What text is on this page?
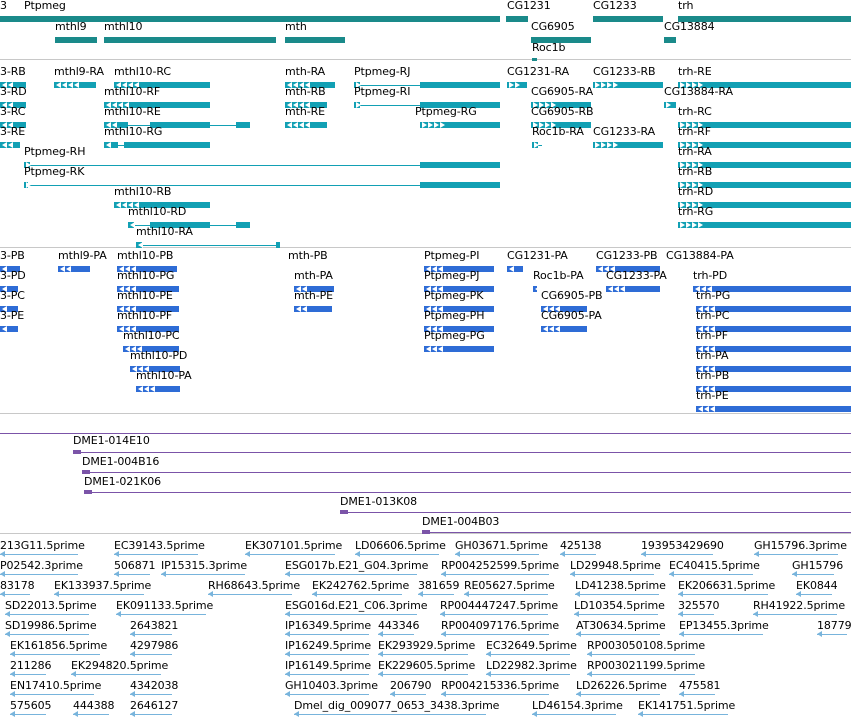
3 Ptpmeg	CG1231	CG1233	trh
mthl9 mthl10	mth	CG6905	CG13884
Roc1b
3-RB	mthl9-RA mthl10-RC	mth-RA	Ptpmeg-RJ	CG1231-RA CG1233-RB trh-RE
3-RD	mthl10-RF	mth-RB	Ptpmeg-RI	CG6905-RA	CG13884-RA
3-RC	mthl10-RE	mth-RE	Ptpmeg-RG	CG6905-RB	trh-RC
3-RE	mthl10-RG	Roc1b-RA CG1233-RA trh-RF
Ptpmeg-RH	trh-RA
Ptpmeg-RK	trh-RB
mthl10-RB	trh-RD
mthl10-RD	trh-RG
mthl10-RA
3-PB	mthl9-PA mthl10-PB	mth-PB	Ptpmeg-PI	CG1231-PA	CG1233-PB CG13884-PA
3-PD	mthl10-PG	mth-PA	Ptpmeg-PJ	Roc1b-PA CG1233-PA trh-PD
3-PC	mthl10-PE	mth-PE	Ptpmeg-PK	CG6905-PB	trh-PG
3-PE	mthl10-PF	Ptpmeg-PH	CG6905-PA	trh-PC
mthl10-PC	Ptpmeg-PG	trh-PF
mthl10-PD	trh-PA
mthl10-PA	trh-PB
trh-PE
DME1-014E10
DME1-004B16
DME1-021K06
DME1-013K08
DME1-004B03
213G11.5prime	EC39143.5prime	EK307101.5prime LD06606.5prime GH03671.5prime 425138	193953429690	GH15796.3prime
P02542.3prime	506871 IP15315.3prime	ESG017b.E21_G04.3prime RP004252599.5prime LD29948.5prime EC40415.5prime	GH15796
83178 EK133937.5prime	RH68643.5prime EK242762.5prime 381659 RE05627.5prime LD41238.5prime EK206631.5prime EK0844
SD22013.5prime EK091133.5prime	ESG016d.E21_C06.3prime RP004447247.5prime LD10354.5prime 325570	RH41922.5prime
SD19986.5prime	2643821	IP16349.5prime 443346 RP004097176.5prime AT30634.5prime EP13455.3prime	18779
EK161856.5prime 4297986	IP16249.5prime EK293929.5prime EC32649.5prime RP003050108.5prime
211286 EK294820.5prime	IP16149.5prime EK229605.5prime LD22982.3prime RP003021199.5prime
EN17410.5prime	4342038	GH10403.3prime 206790 RP004215336.5prime LD26226.5prime 475581
575605 444388 2646127	Dmel_dig_009077_0653_3438.3prime	LD46154.3prime EK141751.5prime
